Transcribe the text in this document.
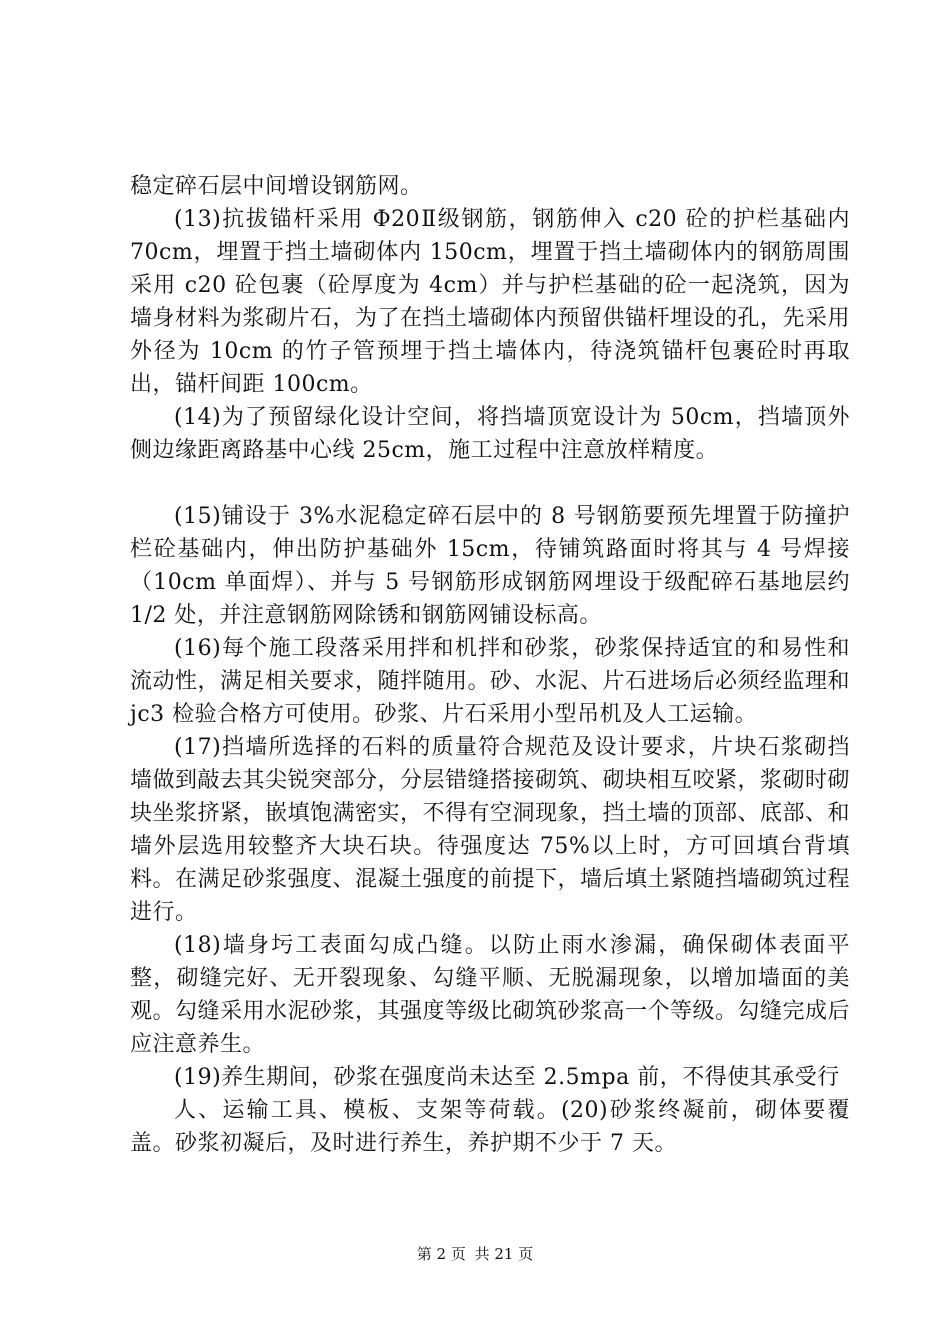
稳定碎石层中间增设钢筋网。

(13)抗拔锚杆采用 Φ20Ⅱ级钢筋，钢筋伸入 c20 砼的护栏基础内 70cm，埋置于挡土墙砌体内 150cm，埋置于挡土墙砌体内的钢筋周围采用 c20 砼包裹（砼厚度为 4cm）并与护栏基础的砼一起浇筑，因为墙身材料为浆砌片石，为了在挡土墙砌体内预留供锚杆埋设的孔，先采用外径为 10cm 的竹子管预埋于挡土墙体内，待浇筑锚杆包裹砼时再取出，锚杆间距 100cm。

(14)为了预留绿化设计空间，将挡墙顶宽设计为 50cm，挡墙顶外侧边缘距离路基中心线 25cm，施工过程中注意放样精度。

(15)铺设于 3%水泥稳定碎石层中的 8 号钢筋要预先埋置于防撞护栏砼基础内，伸出防护基础外 15cm，待铺筑路面时将其与 4 号焊接（10cm 单面焊）、并与 5 号钢筋形成钢筋网埋设于级配碎石基地层约 1/2 处，并注意钢筋网除锈和钢筋网铺设标高。

(16)每个施工段落采用拌和机拌和砂浆，砂浆保持适宜的和易性和流动性，满足相关要求，随拌随用。砂、水泥、片石进场后必须经监理和 jc3 检验合格方可使用。砂浆、片石采用小型吊机及人工运输。

(17)挡墙所选择的石料的质量符合规范及设计要求，片块石浆砌挡墙做到敲去其尖锐突部分，分层错缝搭接砌筑、砌块相互咬紧，浆砌时砌块坐浆挤紧，嵌填饱满密实，不得有空洞现象，挡土墙的顶部、底部、和墙外层选用较整齐大块石块。待强度达 75%以上时，方可回填台背填料。在满足砂浆强度、混凝土强度的前提下，墙后填土紧随挡墙砌筑过程进行。

(18)墙身圬工表面勾成凸缝。以防止雨水渗漏，确保砌体表面平整，砌缝完好、无开裂现象、勾缝平顺、无脱漏现象，以增加墙面的美观。勾缝采用水泥砂浆，其强度等级比砌筑砂浆高一个等级。勾缝完成后应注意养生。

(19)养生期间，砂浆在强度尚未达至 2.5mpa 前，不得使其承受行

人、运输工具、模板、支架等荷载。(20)砂浆终凝前，砌体要覆盖。砂浆初凝后，及时进行养生，养护期不少于 7 天。

第 2 页 共 21 页
